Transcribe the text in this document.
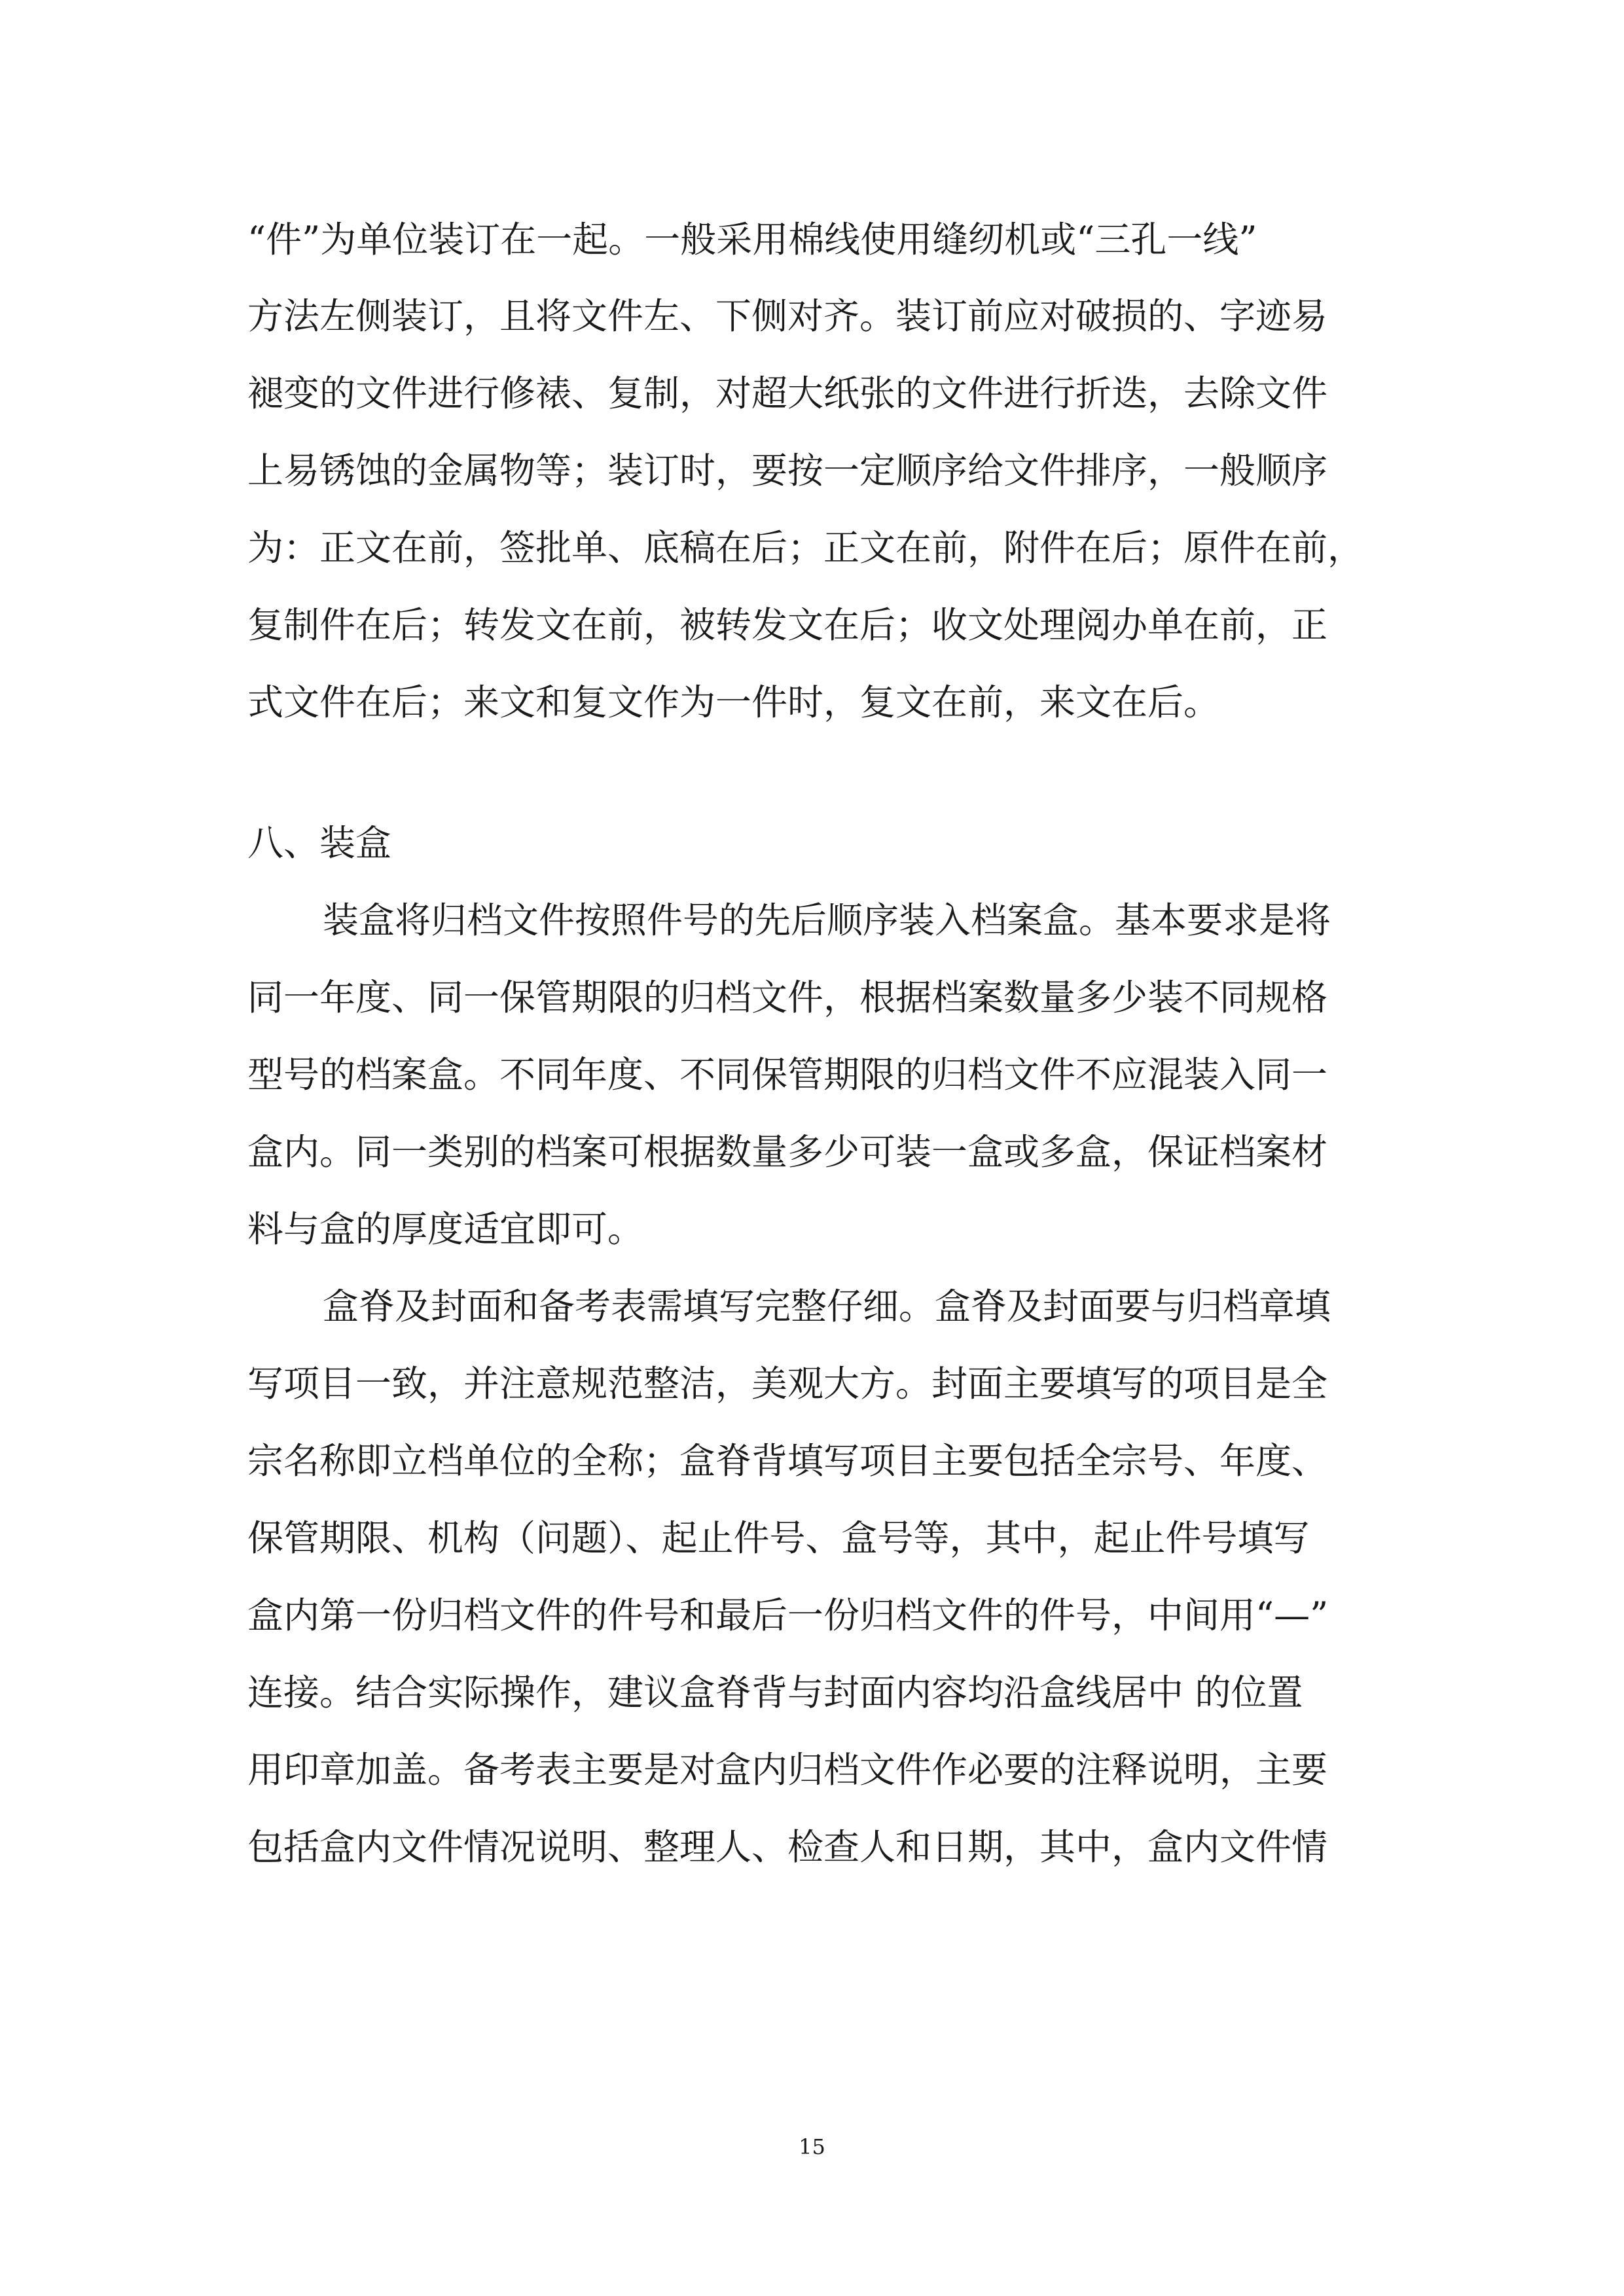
“件”为单位装订在一起。一般采用棉线使用缝纫机或“三孔一线”
方法左侧装订，且将文件左、下侧对齐。装订前应对破损的、字迹易
褪变的文件进行修裱、复制，对超大纸张的文件进行折迭，去除文件
上易锈蚀的金属物等；装订时，要按一定顺序给文件排序，一般顺序
为：正文在前，签批单、底稿在后；正文在前，附件在后；原件在前，
复制件在后；转发文在前，被转发文在后；收文处理阅办单在前，正
式文件在后；来文和复文作为一件时，复文在前，来文在后。
八、装盒
装盒将归档文件按照件号的先后顺序装入档案盒。基本要求是将
同一年度、同一保管期限的归档文件，根据档案数量多少装不同规格
型号的档案盒。不同年度、不同保管期限的归档文件不应混装入同一
盒内。同一类别的档案可根据数量多少可装一盒或多盒，保证档案材
料与盒的厚度适宜即可。
盒脊及封面和备考表需填写完整仔细。盒脊及封面要与归档章填
写项目一致，并注意规范整洁，美观大方。封面主要填写的项目是全
宗名称即立档单位的全称；盒脊背填写项目主要包括全宗号、年度、
保管期限、机构（问题）、起止件号、盒号等，其中，起止件号填写
盒内第一份归档文件的件号和最后一份归档文件的件号，中间用“—”
连接。结合实际操作，建议盒脊背与封面内容均沿盒线居中 的位置
用印章加盖。备考表主要是对盒内归档文件作必要的注释说明，主要
包括盒内文件情况说明、整理人、检查人和日期，其中，盒内文件情
15
